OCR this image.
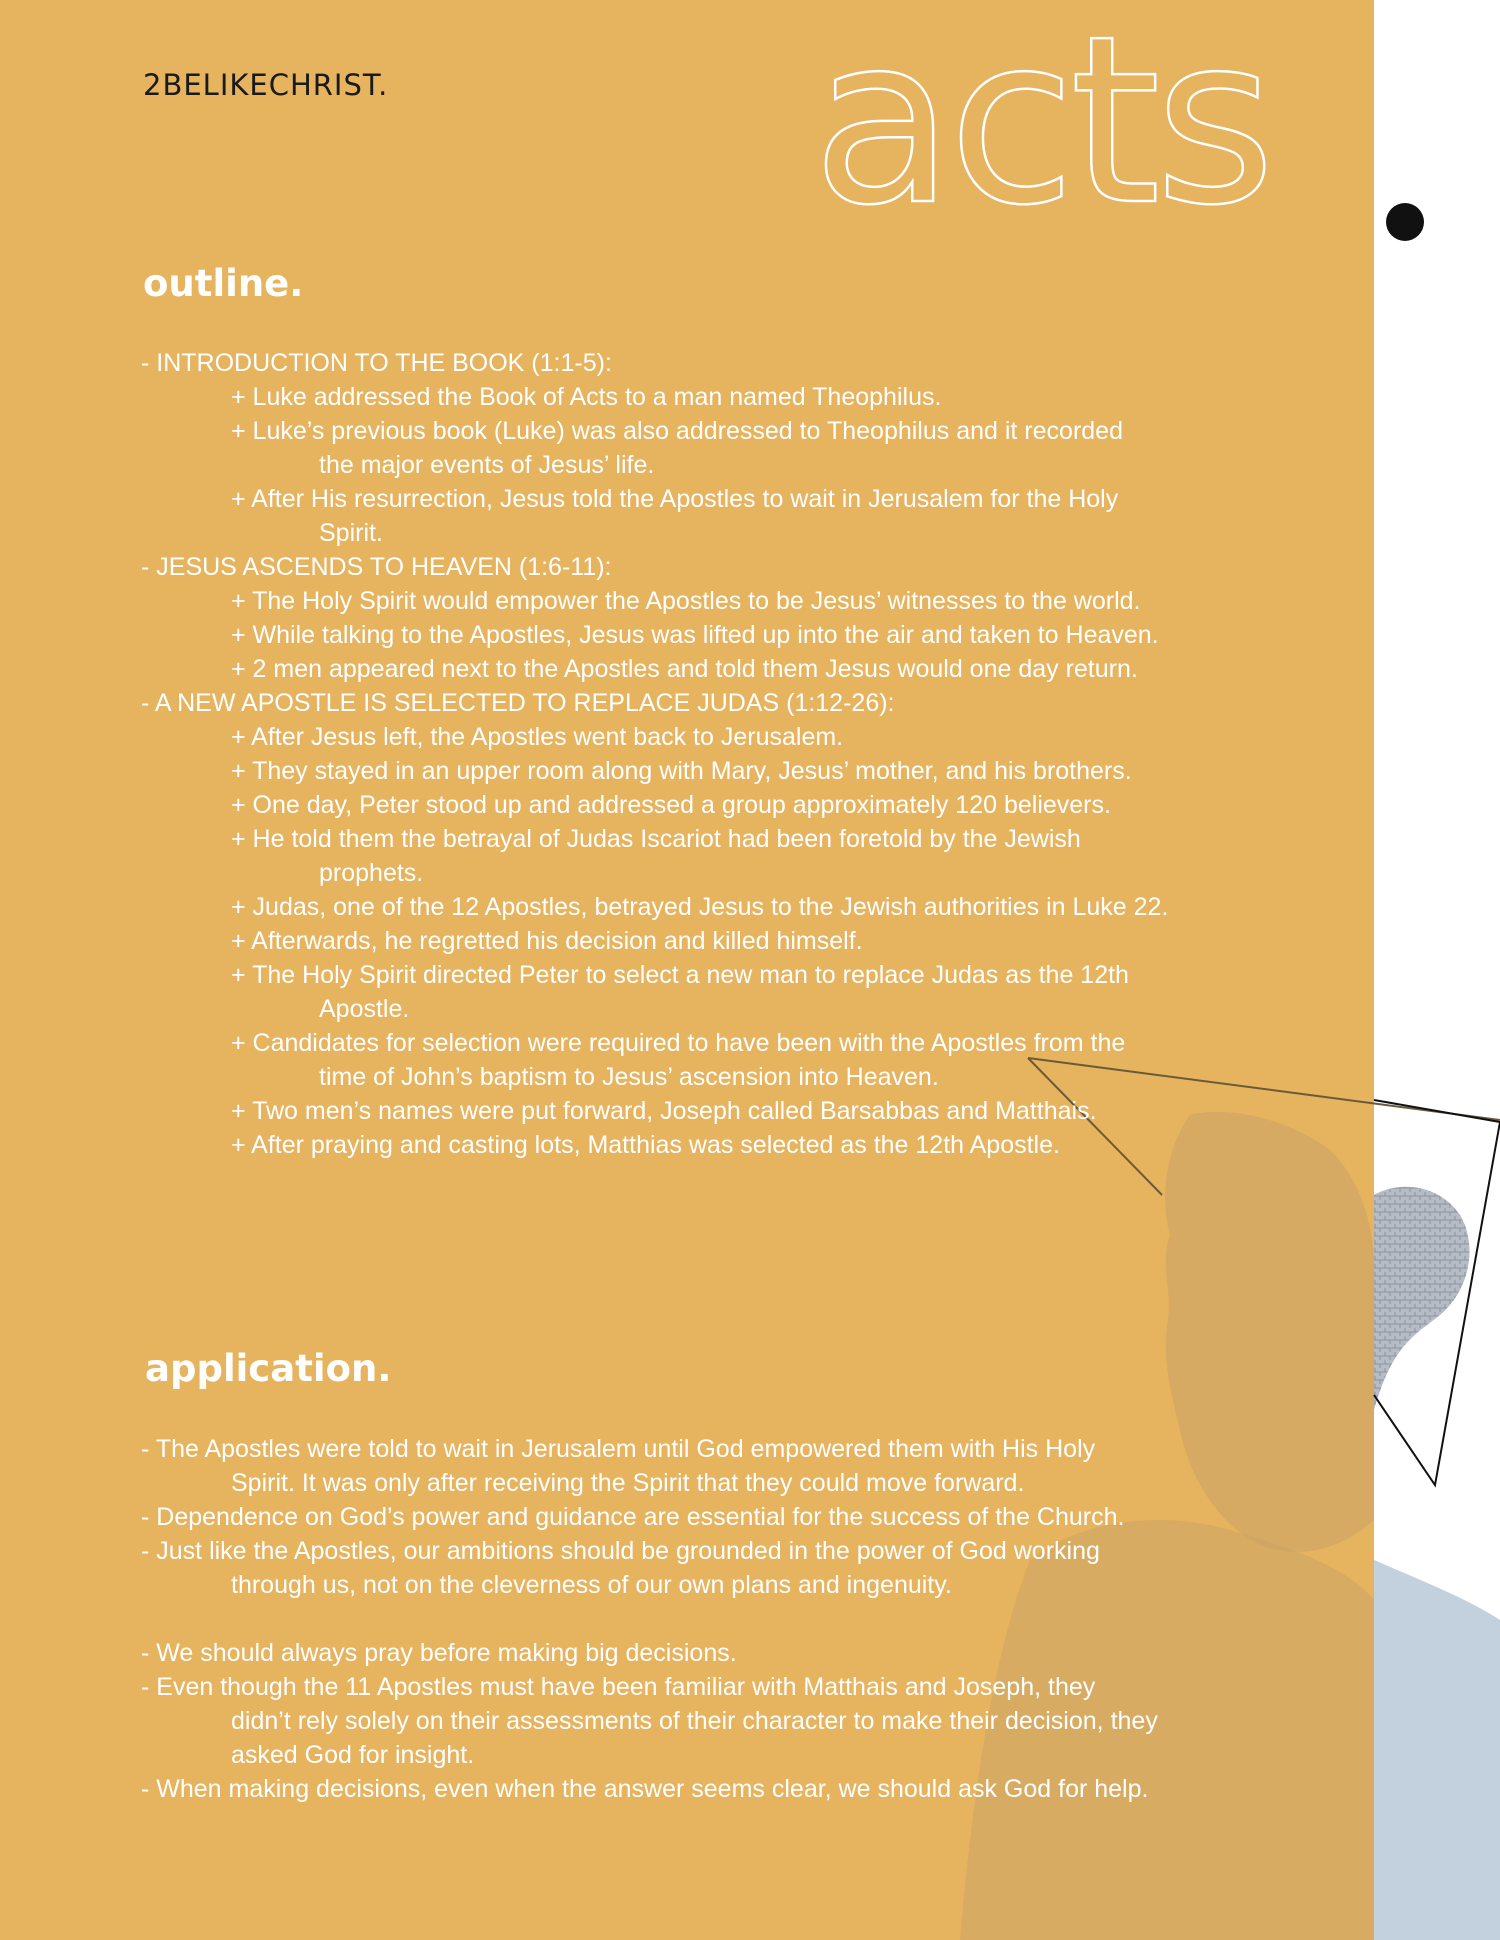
2BELIKECHRIST. acts
outline.
- INTRODUCTION TO THE BOOK (1:1-5):
+ Luke addressed the Book of Acts to a man named Theophilus.
+ Luke’s previous book (Luke) was also addressed to Theophilus and it recorded
the major events of Jesus’ life.
+ After His resurrection, Jesus told the Apostles to wait in Jerusalem for the Holy
Spirit.
- JESUS ASCENDS TO HEAVEN (1:6-11):
+ The Holy Spirit would empower the Apostles to be Jesus’ witnesses to the world.
+ While talking to the Apostles, Jesus was lifted up into the air and taken to Heaven.
+ 2 men appeared next to the Apostles and told them Jesus would one day return.
- A NEW APOSTLE IS SELECTED TO REPLACE JUDAS (1:12-26):
+ After Jesus left, the Apostles went back to Jerusalem.
+ They stayed in an upper room along with Mary, Jesus’ mother, and his brothers.
+ One day, Peter stood up and addressed a group approximately 120 believers.
+ He told them the betrayal of Judas Iscariot had been foretold by the Jewish
prophets.
+ Judas, one of the 12 Apostles, betrayed Jesus to the Jewish authorities in Luke 22.
+ Afterwards, he regretted his decision and killed himself.
+ The Holy Spirit directed Peter to select a new man to replace Judas as the 12th
Apostle.
+ Candidates for selection were required to have been with the Apostles from the
time of John’s baptism to Jesus’ ascension into Heaven.
+ Two men’s names were put forward, Joseph called Barsabbas and Matthais.
+ After praying and casting lots, Matthias was selected as the 12th Apostle.
application.
- The Apostles were told to wait in Jerusalem until God empowered them with His Holy
Spirit. It was only after receiving the Spirit that they could move forward.
- Dependence on God’s power and guidance are essential for the success of the Church.
- Just like the Apostles, our ambitions should be grounded in the power of God working
through us, not on the cleverness of our own plans and ingenuity.
- We should always pray before making big decisions.
- Even though the 11 Apostles must have been familiar with Matthais and Joseph, they
didn’t rely solely on their assessments of their character to make their decision, they
asked God for insight.
- When making decisions, even when the answer seems clear, we should ask God for help.
